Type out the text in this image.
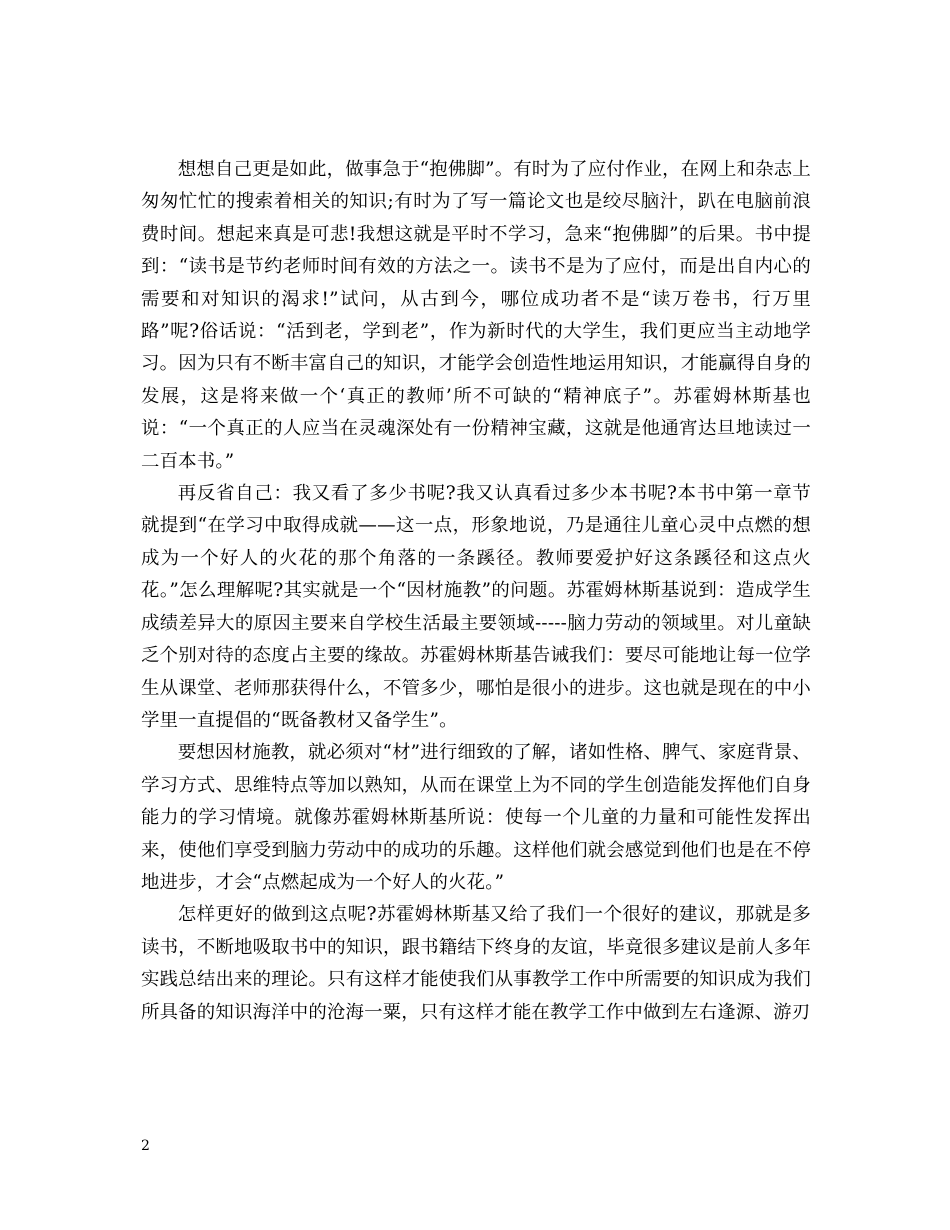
想想自己更是如此，做事急于“抱佛脚”。有时为了应付作业，在网上和杂志上匆匆忙忙的搜索着相关的知识;有时为了写一篇论文也是绞尽脑汁，趴在电脑前浪费时间。想起来真是可悲!我想这就是平时不学习，急来“抱佛脚”的后果。书中提到：“读书是节约老师时间有效的方法之一。读书不是为了应付，而是出自内心的需要和对知识的渴求!”试问，从古到今，哪位成功者不是“读万卷书，行万里路”呢?俗话说：“活到老，学到老”，作为新时代的大学生，我们更应当主动地学习。因为只有不断丰富自己的知识，才能学会创造性地运用知识，才能赢得自身的发展，这是将来做一个‘真正的教师’所不可缺的“精神底子”。苏霍姆林斯基也说：“一个真正的人应当在灵魂深处有一份精神宝藏，这就是他通宵达旦地读过一二百本书。”

再反省自己：我又看了多少书呢?我又认真看过多少本书呢?本书中第一章节就提到“在学习中取得成就——这一点，形象地说，乃是通往儿童心灵中点燃的想成为一个好人的火花的那个角落的一条蹊径。教师要爱护好这条蹊径和这点火花。”怎么理解呢?其实就是一个“因材施教”的问题。苏霍姆林斯基说到：造成学生成绩差异大的原因主要来自学校生活最主要领域-----脑力劳动的领域里。对儿童缺乏个别对待的态度占主要的缘故。苏霍姆林斯基告诫我们：要尽可能地让每一位学生从课堂、老师那获得什么，不管多少，哪怕是很小的进步。这也就是现在的中小学里一直提倡的“既备教材又备学生”。

要想因材施教，就必须对“材”进行细致的了解，诸如性格、脾气、家庭背景、学习方式、思维特点等加以熟知，从而在课堂上为不同的学生创造能发挥他们自身能力的学习情境。就像苏霍姆林斯基所说：使每一个儿童的力量和可能性发挥出来，使他们享受到脑力劳动中的成功的乐趣。这样他们就会感觉到他们也是在不停地进步，才会“点燃起成为一个好人的火花。”

怎样更好的做到这点呢?苏霍姆林斯基又给了我们一个很好的建议，那就是多读书，不断地吸取书中的知识，跟书籍结下终身的友谊，毕竟很多建议是前人多年实践总结出来的理论。只有这样才能使我们从事教学工作中所需要的知识成为我们所具备的知识海洋中的沧海一粟，只有这样才能在教学工作中做到左右逢源、游刃

2
